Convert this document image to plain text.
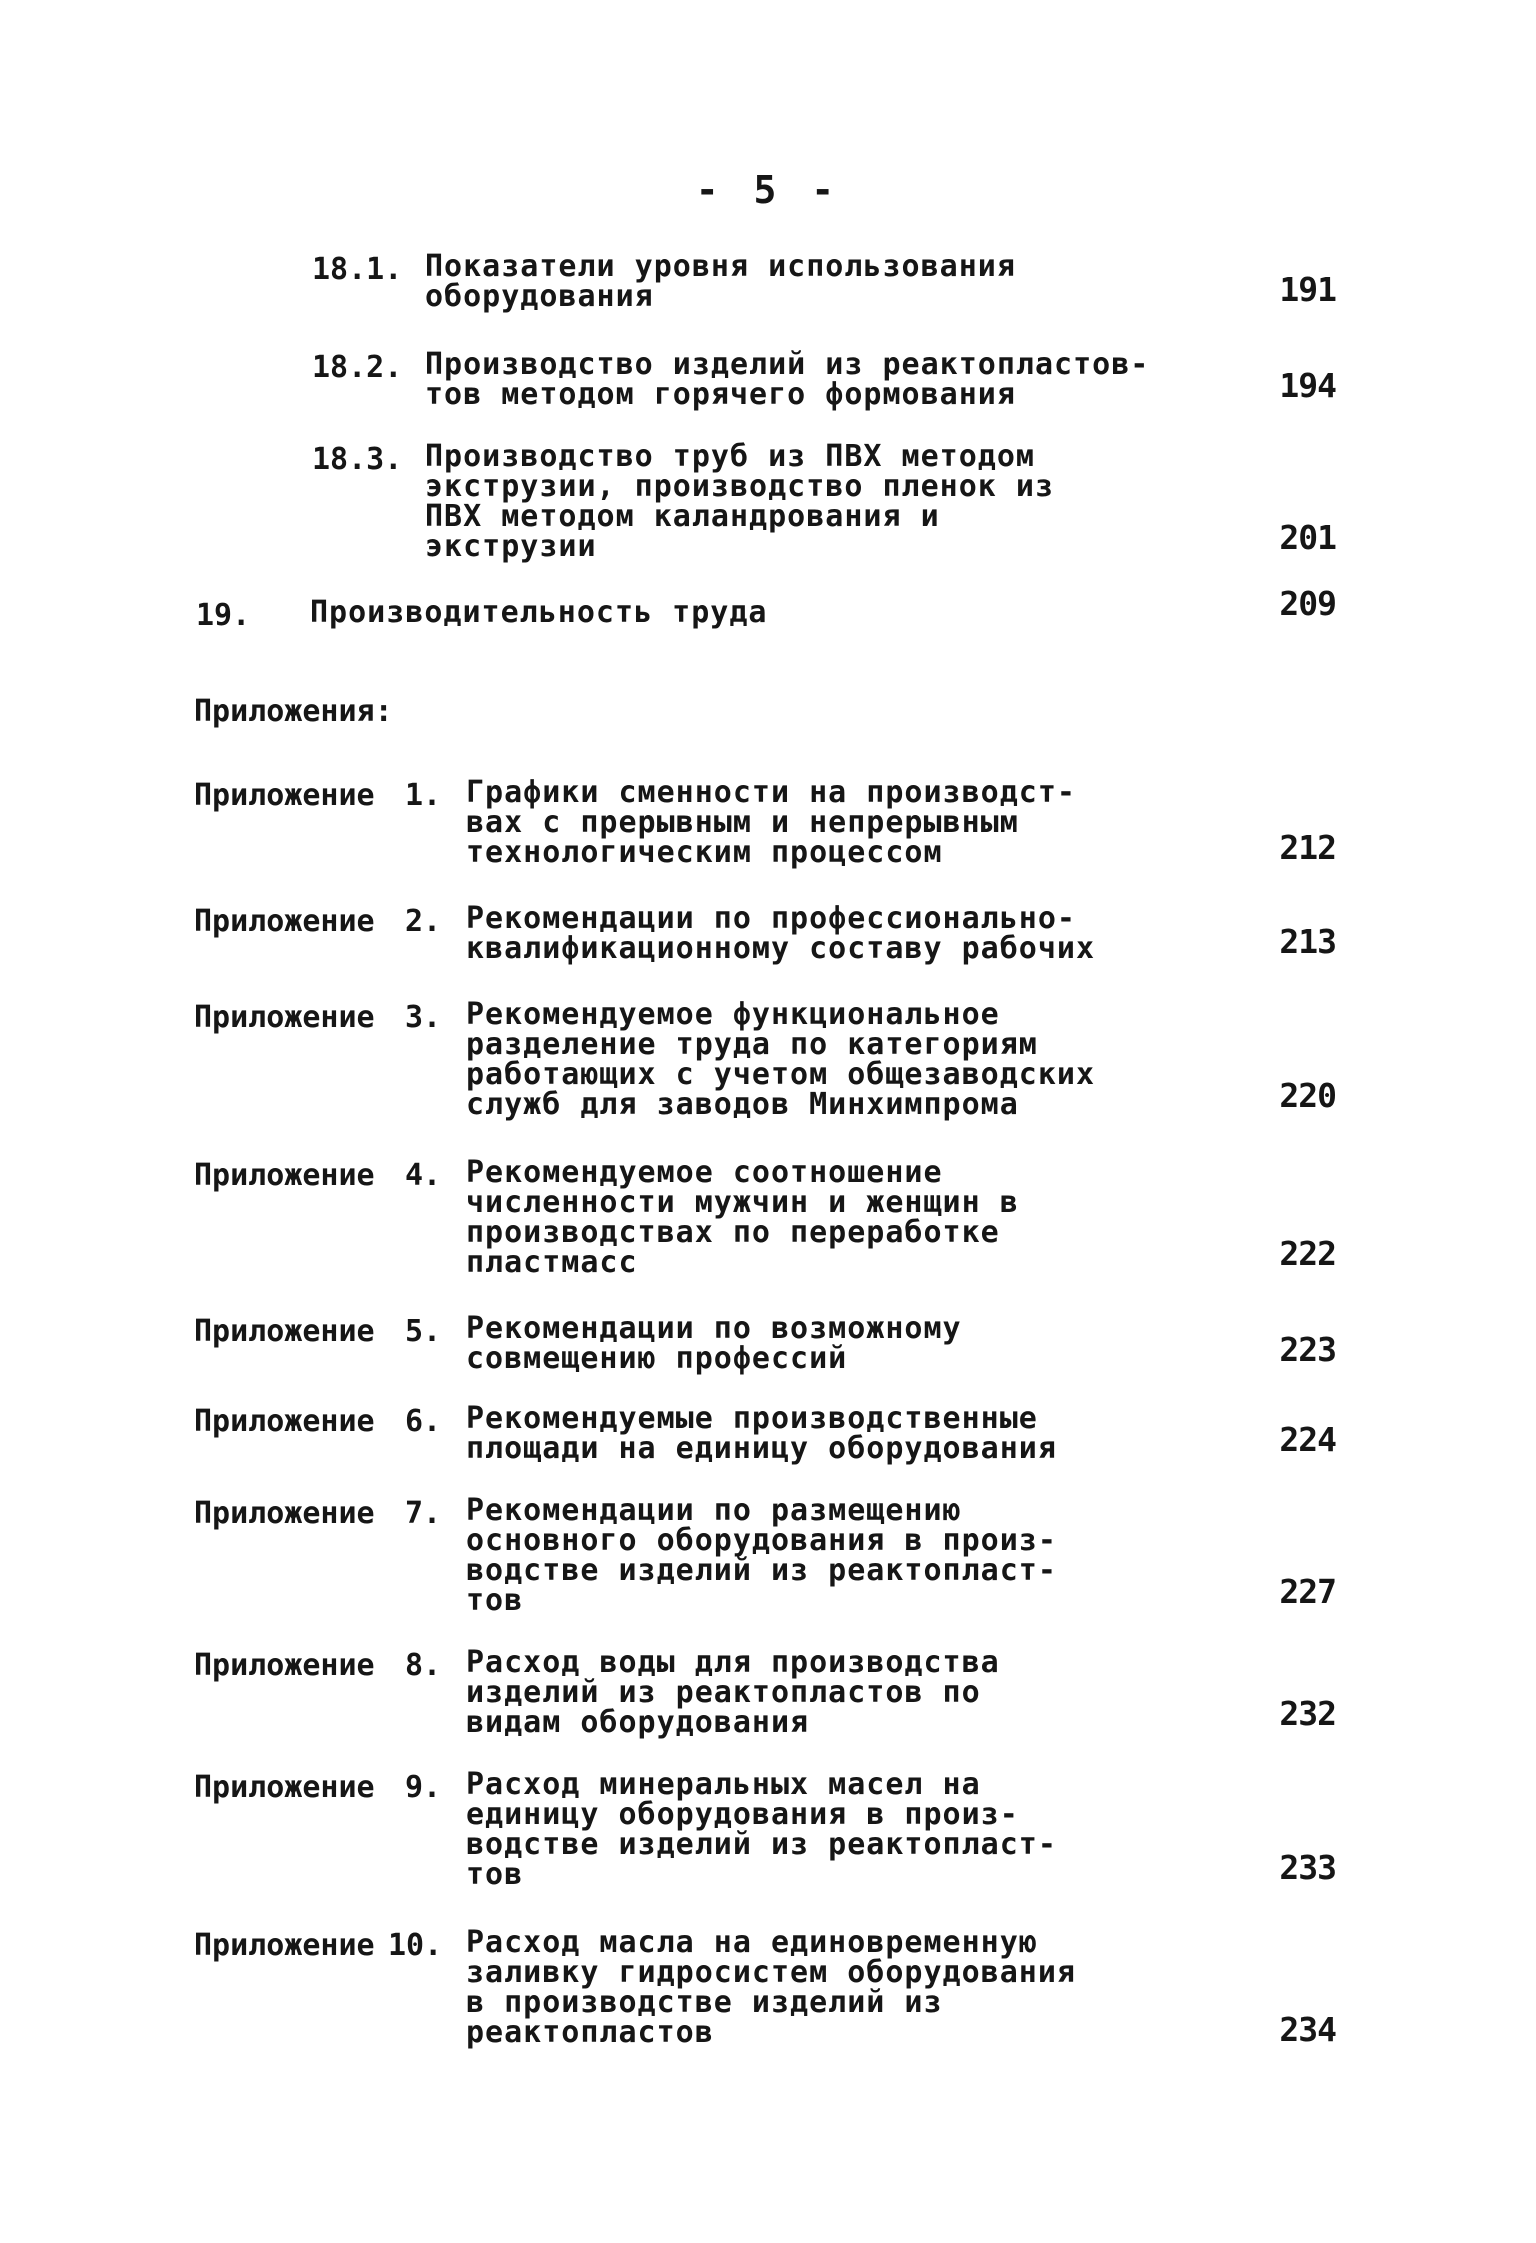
- 5 -
18.1. Показатели уровня использования
оборудования	191
18.2. Производство изделий из реактопластов-
тов методом горячего формования	194
18.3. Производство труб из ПВХ методом
экструзии, производство пленок из
ПВХ методом каландрования и
экструзии	201
19. Производительность труда	209
Приложения:
Приложение 1. Графики сменности на производст-
вах с прерывным и непрерывным
технологическим процессом	212
Приложение 2. Рекомендации по профессионально-
квалификационному составу рабочих	213
Приложение 3. Рекомендуемое функциональное
разделение труда по категориям
работающих с учетом общезаводских
служб для заводов Минхимпрома	220
Приложение 4. Рекомендуемое соотношение
численности мужчин и женщин в
производствах по переработке
пластмасс	222
Приложение 5. Рекомендации по возможному
совмещению профессий	223
Приложение 6. Рекомендуемые производственные
площади на единицу оборудования	224
Приложение 7. Рекомендации по размещению
основного оборудования в произ-
водстве изделий из реактопласт-
тов	227
Приложение 8. Расход воды для производства
изделий из реактопластов по
видам оборудования	232
Приложение 9. Расход минеральных масел на
единицу оборудования в произ-
водстве изделий из реактопласт-
тов	233
Приложение 10. Расход масла на единовременную
заливку гидросистем оборудования
в производстве изделий из
реактопластов	234
